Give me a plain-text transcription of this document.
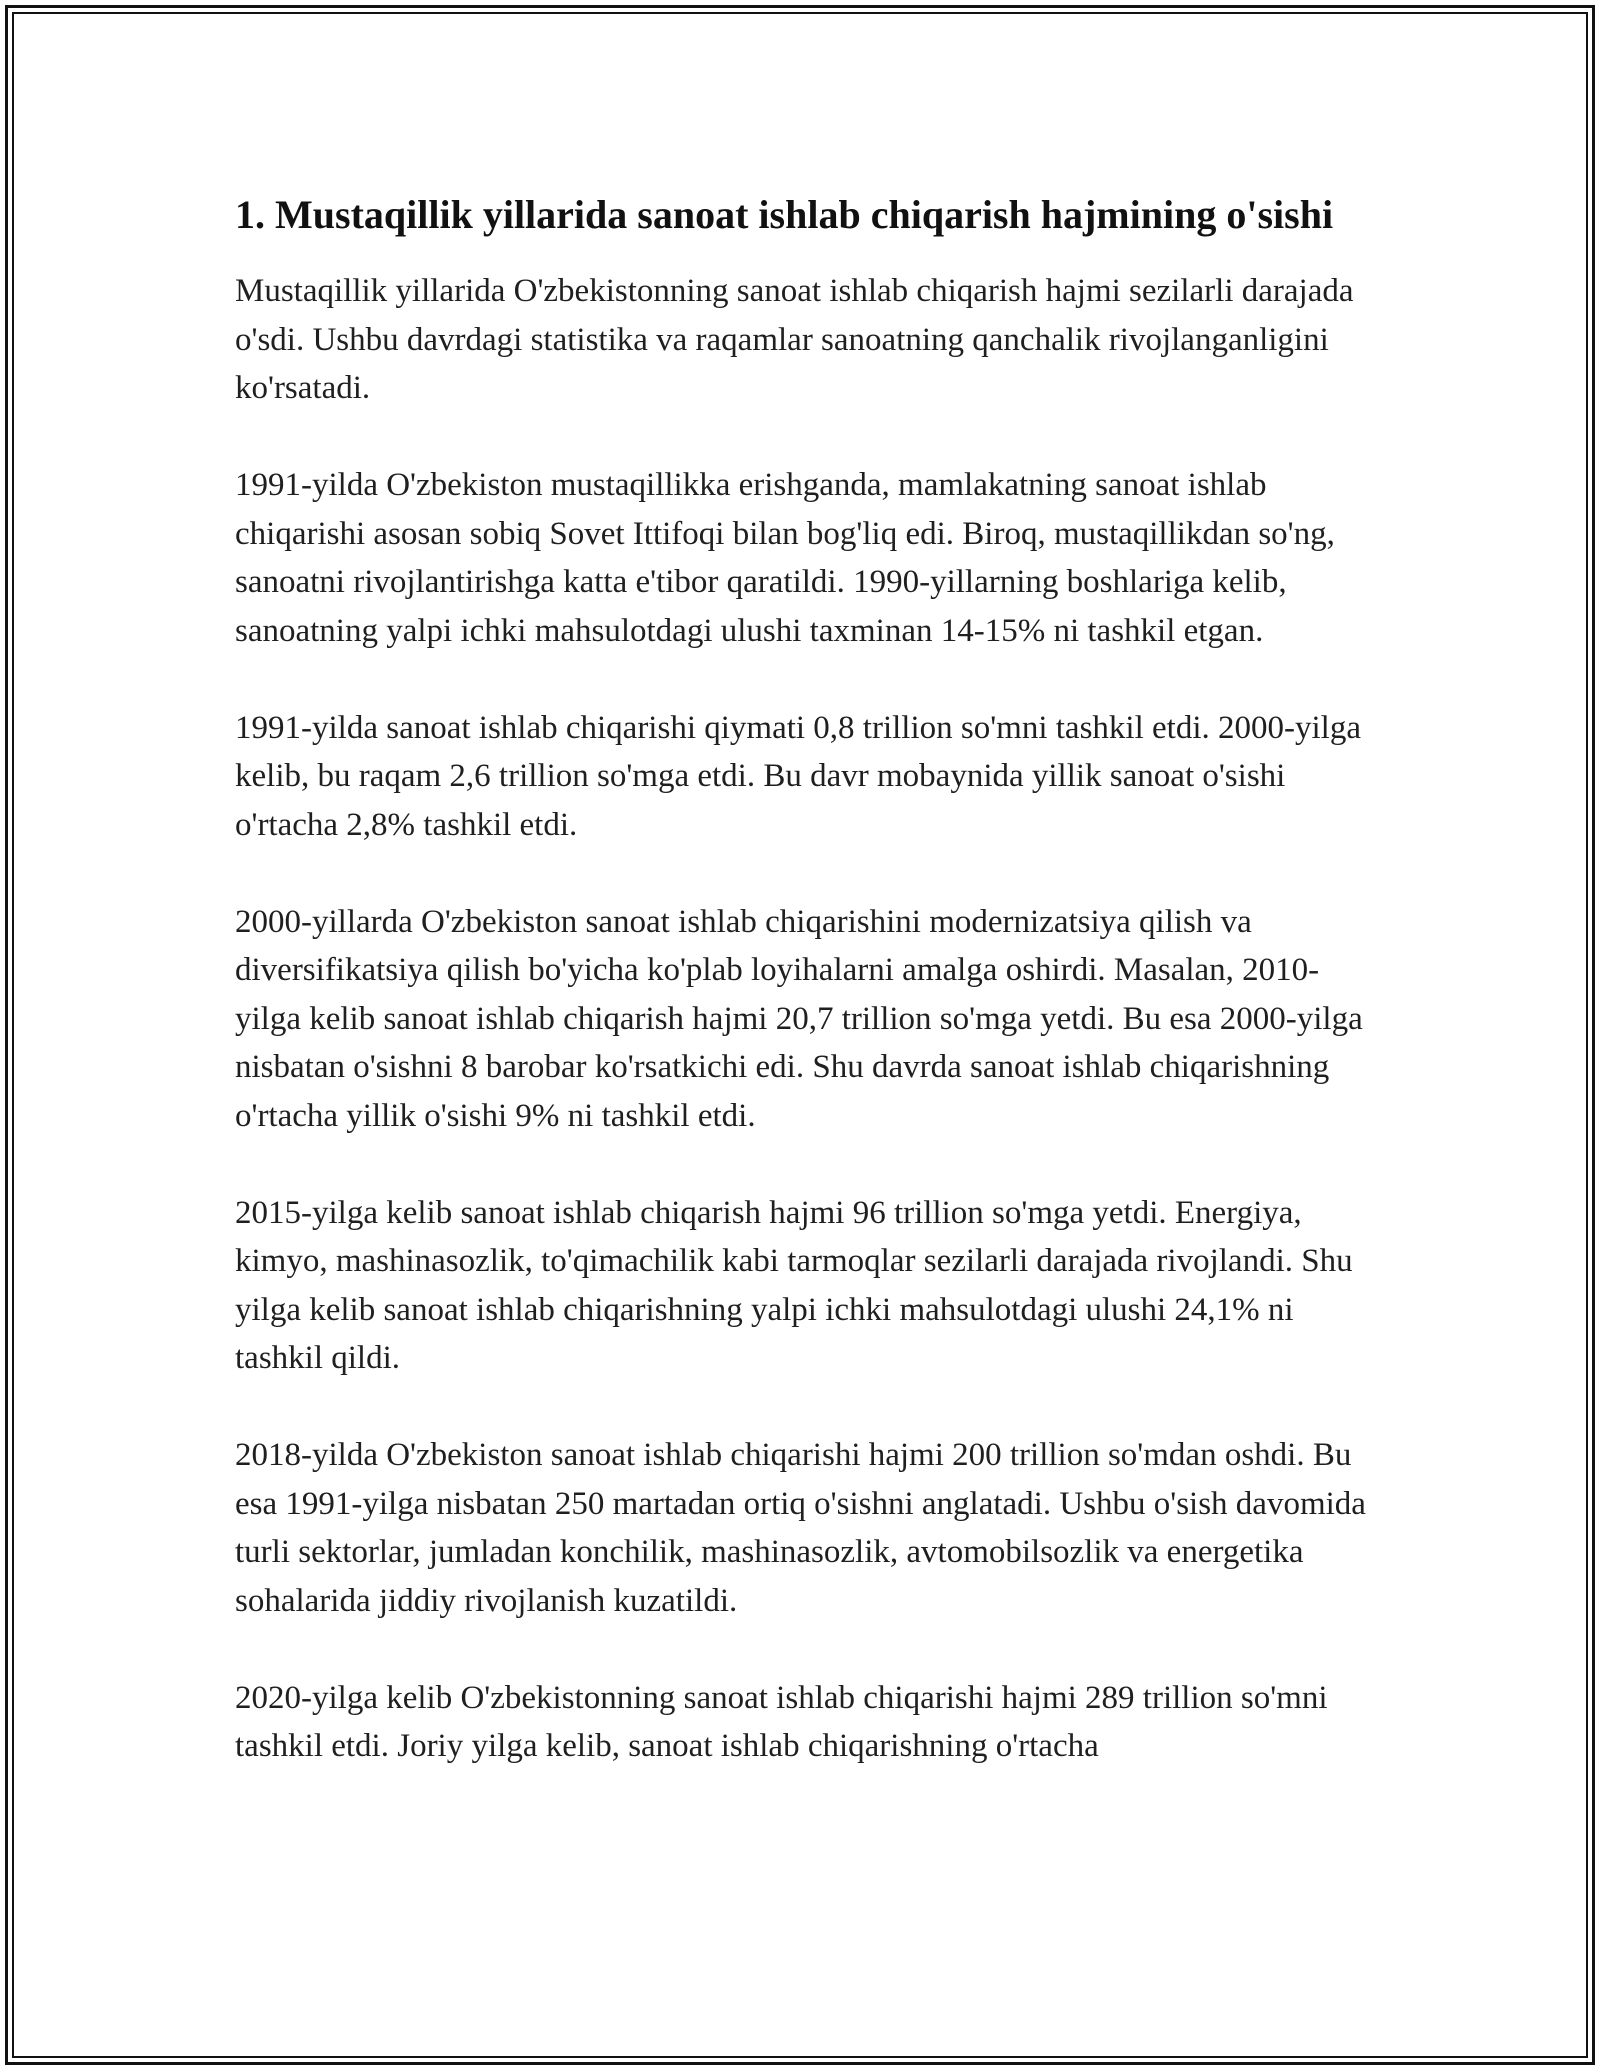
1. Mustaqillik yillarida sanoat ishlab chiqarish hajmining o'sishi

Mustaqillik yillarida O'zbekistonning sanoat ishlab chiqarish hajmi sezilarli darajada o'sdi. Ushbu davrdagi statistika va raqamlar sanoatning qanchalik rivojlanganligini ko'rsatadi.

1991-yilda O'zbekiston mustaqillikka erishganda, mamlakatning sanoat ishlab chiqarishi asosan sobiq Sovet Ittifoqi bilan bog'liq edi. Biroq, mustaqillikdan so'ng, sanoatni rivojlantirishga katta e'tibor qaratildi. 1990-yillarning boshlariga kelib, sanoatning yalpi ichki mahsulotdagi ulushi taxminan 14-15% ni tashkil etgan.

1991-yilda sanoat ishlab chiqarishi qiymati 0,8 trillion so'mni tashkil etdi. 2000-yilga kelib, bu raqam 2,6 trillion so'mga etdi. Bu davr mobaynida yillik sanoat o'sishi o'rtacha 2,8% tashkil etdi.

2000-yillarda O'zbekiston sanoat ishlab chiqarishini modernizatsiya qilish va diversifikatsiya qilish bo'yicha ko'plab loyihalarni amalga oshirdi. Masalan, 2010-yilga kelib sanoat ishlab chiqarish hajmi 20,7 trillion so'mga yetdi. Bu esa 2000-yilga nisbatan o'sishni 8 barobar ko'rsatkichi edi. Shu davrda sanoat ishlab chiqarishning o'rtacha yillik o'sishi 9% ni tashkil etdi.

2015-yilga kelib sanoat ishlab chiqarish hajmi 96 trillion so'mga yetdi. Energiya, kimyo, mashinasozlik, to'qimachilik kabi tarmoqlar sezilarli darajada rivojlandi. Shu yilga kelib sanoat ishlab chiqarishning yalpi ichki mahsulotdagi ulushi 24,1% ni tashkil qildi.

2018-yilda O'zbekiston sanoat ishlab chiqarishi hajmi 200 trillion so'mdan oshdi. Bu esa 1991-yilga nisbatan 250 martadan ortiq o'sishni anglatadi. Ushbu o'sish davomida turli sektorlar, jumladan konchilik, mashinasozlik, avtomobilsozlik va energetika sohalarida jiddiy rivojlanish kuzatildi.

2020-yilga kelib O'zbekistonning sanoat ishlab chiqarishi hajmi 289 trillion so'mni tashkil etdi. Joriy yilga kelib, sanoat ishlab chiqarishning o'rtacha
